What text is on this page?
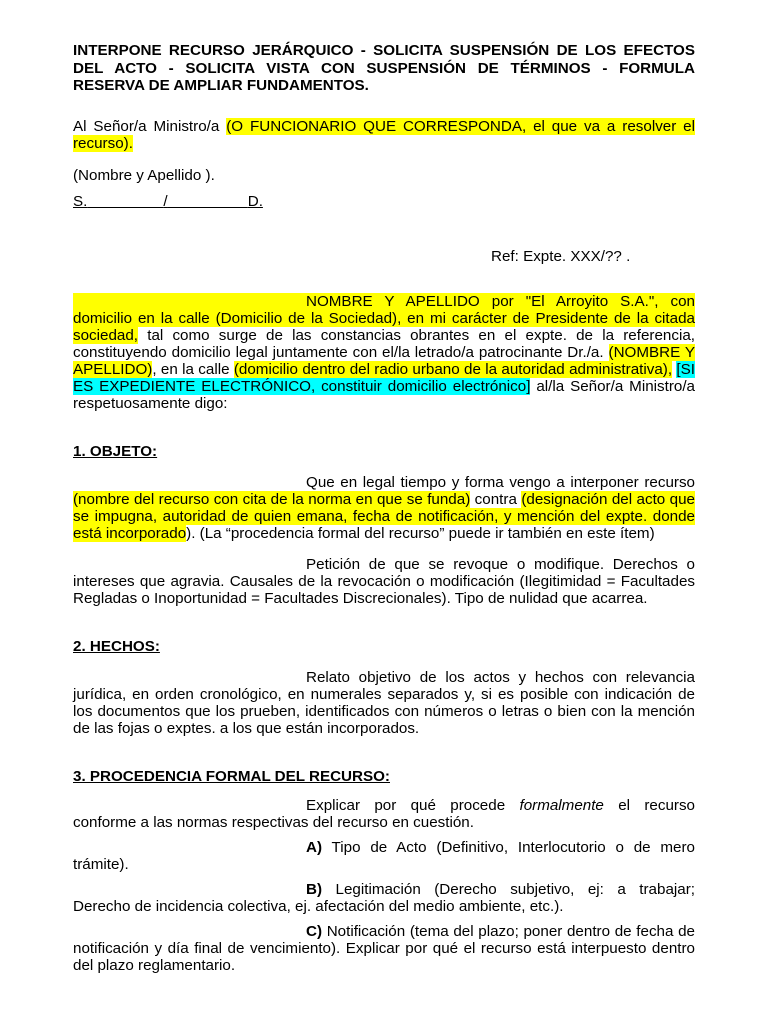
INTERPONE RECURSO JERÁRQUICO - SOLICITA SUSPENSIÓN DE LOS EFECTOS DEL ACTO - SOLICITA VISTA CON SUSPENSIÓN DE TÉRMINOS - FORMULA RESERVA DE AMPLIAR FUNDAMENTOS.

Al Señor/a Ministro/a (O FUNCIONARIO QUE CORRESPONDA, el que va a resolver el recurso).

(Nombre y Apellido ).

S.	/	D.

Ref: Expte. XXX/?? .

NOMBRE Y APELLIDO por "El Arroyito S.A.", con domicilio en la calle (Domicilio de la Sociedad), en mi carácter de Presidente de la citada sociedad, tal como surge de las constancias obrantes en el expte. de la referencia, constituyendo domicilio legal juntamente con el/la letrado/a patrocinante Dr./a. (NOMBRE Y APELLIDO), en la calle (domicilio dentro del radio urbano de la autoridad administrativa), [SI ES EXPEDIENTE ELECTRÓNICO, constituir domicilio electrónico] al/la Señor/a Ministro/a respetuosamente digo:

1. OBJETO:

Que en legal tiempo y forma vengo a interponer recurso (nombre del recurso con cita de la norma en que se funda) contra (designación del acto que se impugna, autoridad de quien emana, fecha de notificación, y mención del expte. donde está incorporado). (La “procedencia formal del recurso” puede ir también en este ítem)

Petición de que se revoque o modifique. Derechos o intereses que agravia. Causales de la revocación o modificación (Ilegitimidad = Facultades Regladas o Inoportunidad = Facultades Discrecionales). Tipo de nulidad que acarrea.

2. HECHOS:

Relato objetivo de los actos y hechos con relevancia jurídica, en orden cronológico, en numerales separados y, si es posible con indicación de los documentos que los prueben, identificados con números o letras o bien con la mención de las fojas o exptes. a los que están incorporados.

3. PROCEDENCIA FORMAL DEL RECURSO:

Explicar por qué procede formalmente el recurso conforme a las normas respectivas del recurso en cuestión.

A) Tipo de Acto (Definitivo, Interlocutorio o de mero trámite).

B) Legitimación (Derecho subjetivo, ej: a trabajar; Derecho de incidencia colectiva, ej. afectación del medio ambiente, etc.).

C) Notificación (tema del plazo; poner dentro de fecha de notificación y día final de vencimiento). Explicar por qué el recurso está interpuesto dentro del plazo reglamentario.
